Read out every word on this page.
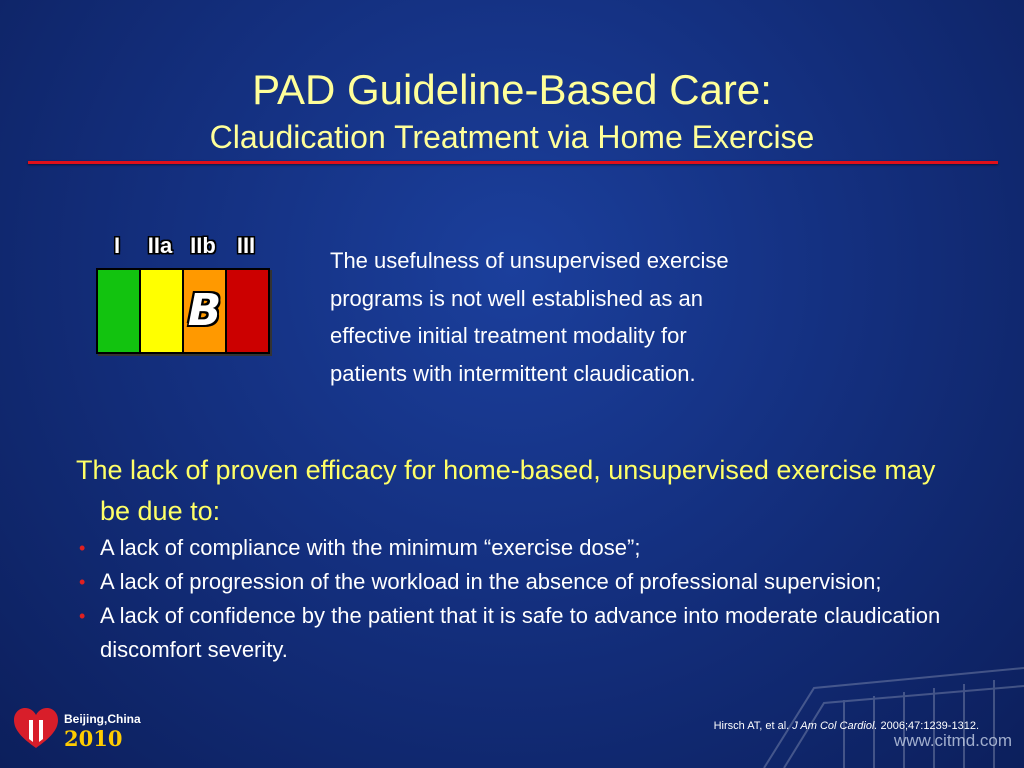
PAD Guideline-Based Care:
Claudication Treatment via Home Exercise
I	IIa IIb III
B
The usefulness of unsupervised exercise
programs is not well established as an
effective initial treatment modality for
patients with intermittent claudication.
The lack of proven efficacy for home-based, unsupervised exercise may be due to:
• A lack of compliance with the minimum “exercise dose”;
• A lack of progression of the workload in the absence of professional supervision;
• A lack of confidence by the patient that it is safe to advance into moderate claudication discomfort severity.
Beijing,China
2010	Hirsch AT, et al. J Am Col Cardiol. 2006;47:1239-1312.
www.citmd.com
